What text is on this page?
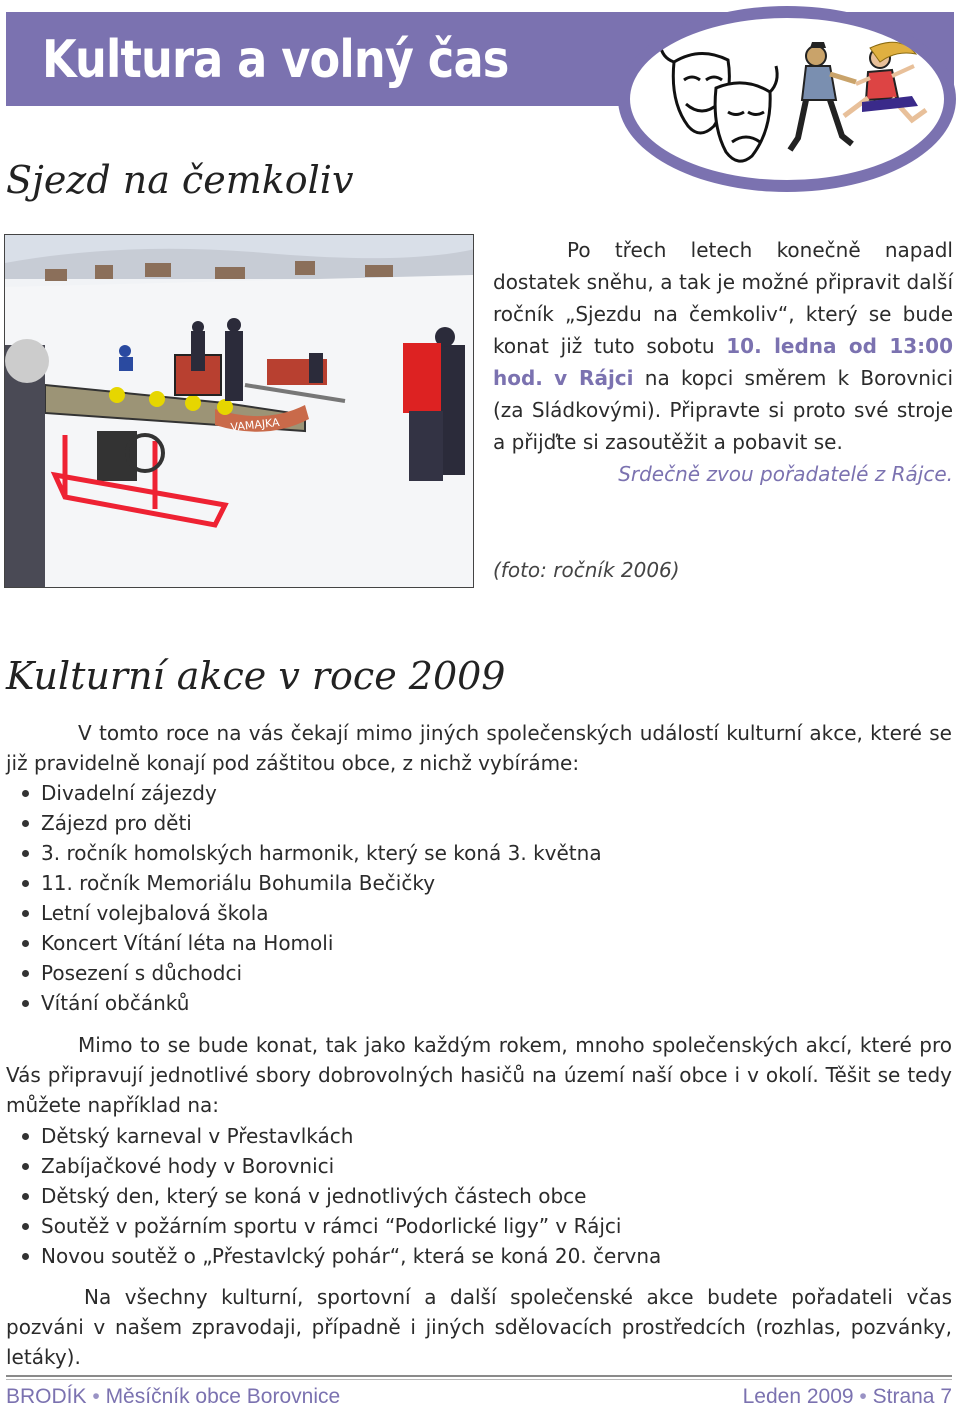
Kultura a volný čas
Sjezd na čemkoliv
VAMAJKA

Po třech letech konečně napadl dostatek sněhu, a tak je možné připravit další ročník „Sjezdu na čemkoliv“, který se bude konat již tuto sobotu 10. ledna od 13:00 hod. v Rájci na kopci směrem k Borovnici (za Sládkovými). Připravte si proto své stroje a přijďte si zasoutěžit a pobavit se.

Srdečně zvou pořadatelé z Rájce.
(foto: ročník 2006)
Kulturní akce v roce 2009

V tomto roce na vás čekají mimo jiných společenských událostí kulturní akce, které se již pravidelně konají pod záštitou obce, z nichž vybíráme:

Divadelní zájezdy
Zájezd pro děti
3. ročník homolských harmonik, který se koná 3. května
11. ročník Memoriálu Bohumila Bečičky
Letní volejbalová škola
Koncert Vítání léta na Homoli
Posezení s důchodci
Vítání občánků

Mimo to se bude konat, tak jako každým rokem, mnoho společenských akcí, které pro Vás připravují jednotlivé sbory dobrovolných hasičů na území naší obce i v okolí. Těšit se tedy můžete například na:

Dětský karneval v Přestavlkách
Zabíjačkové hody v Borovnici
Dětský den, který se koná v jednotlivých částech obce
Soutěž v požárním sportu v rámci “Podorlické ligy” v Rájci
Novou soutěž o „Přestavlcký pohár“, která se koná 20. června

Na všechny kulturní, sportovní a další společenské akce budete pořadateli včas pozváni v našem zpravodaji, případně i jiných sdělovacích prostředcích (rozhlas, pozvánky, letáky).

BRODÍK • Měsíčník obce Borovnice	Leden 2009 • Strana 7
